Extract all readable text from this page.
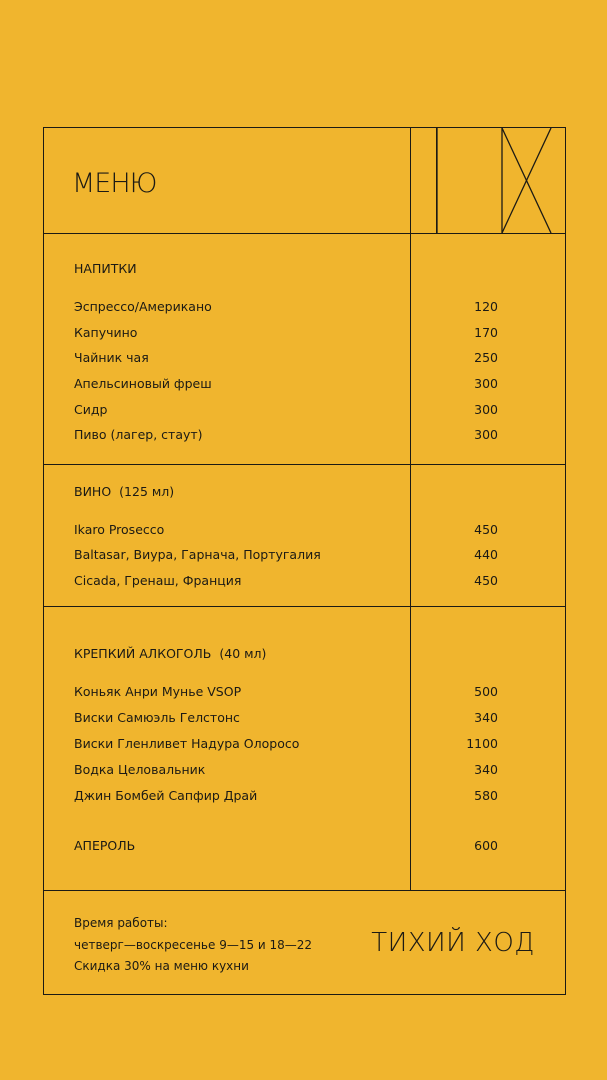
МЕНЮ
НАПИТКИ
Эспрессо/Американо	120
Капучино	170
Чайник чая	250
Апельсиновый фреш	300
Сидр	300
Пиво (лагер, стаут)	300
ВИНО (125 мл)
Ikaro Prosecco	450
Baltasar, Виура, Гарнача, Португалия	440
Cicada, Гренаш, Франция	450
КРЕПКИЙ АЛКОГОЛЬ (40 мл)
Коньяк Анри Мунье VSOP	500
Виски Самюэль Гелстонс	340
Виски Гленливет Надура Олоросо	1100
Водка Целовальник	340
Джин Бомбей Сапфир Драй	580
АПЕРОЛЬ	600
Время работы:
четверг—воскресенье 9—15 и 18—22
Скидка 30% на меню кухни
ТИХИЙ ХОД
